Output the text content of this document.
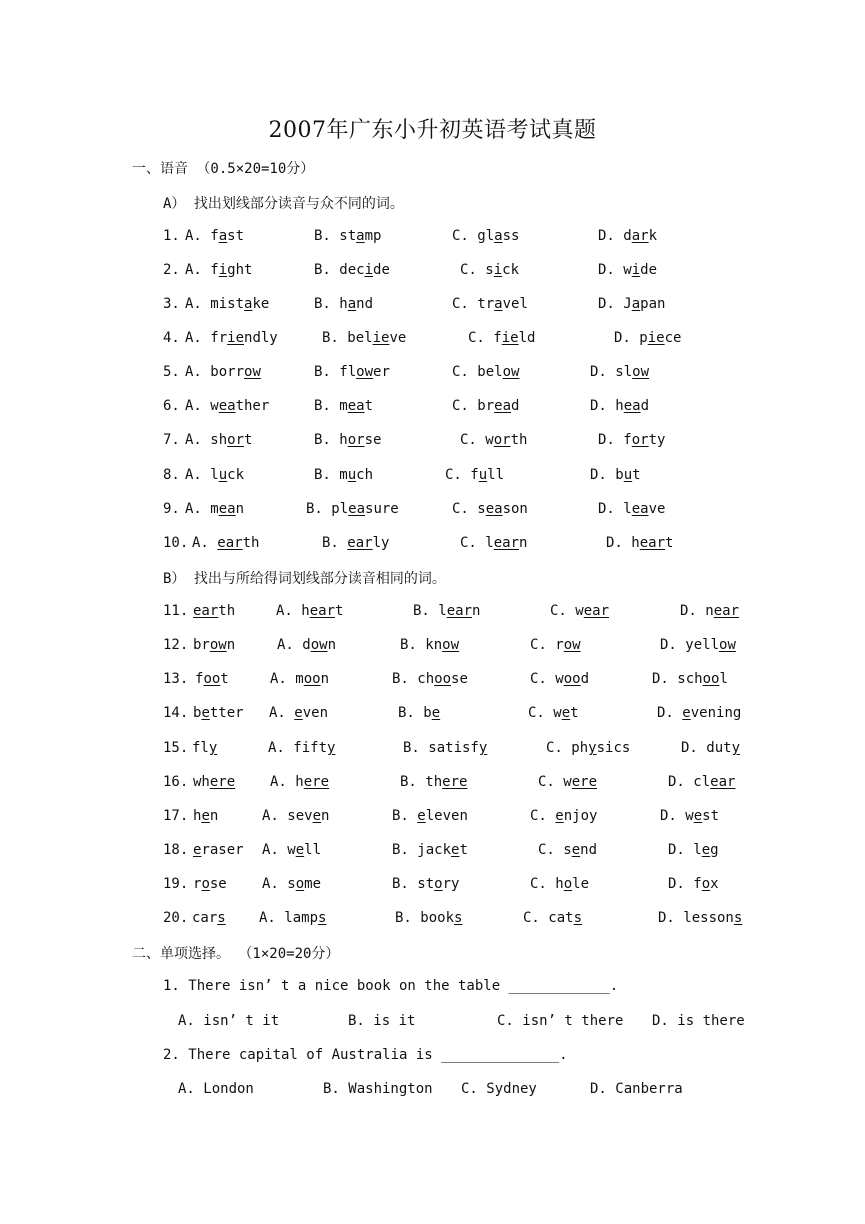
2007年广东小升初英语考试真题
一、语音 （0.5×20=10分）
A） 找出划线部分读音与众不同的词。
1. A. fast	B. stamp	C. glass	D. dark
2. A. fight	B. decide	C. sick	D. wide
3. A. mistake	B. hand	C. travel	D. Japan
4. A. friendly	B. believe	C. field	D. piece
5. A. borrow	B. flower	C. below	D. slow
6. A. weather	B. meat	C. bread	D. head
7. A. short	B. horse	C. worth	D. forty
8. A. luck	B. much	C. full	D. but
9. A. mean	B. pleasure	C. season	D. leave
10. A. earth	B. early	C. learn	D. heart
B） 找出与所给得词划线部分读音相同的词。
11. earth	A. heart	B. learn	C. wear	D. near
12. brown	A. down	B. know	C. row	D. yellow
13. foot	A. moon	B. choose	C. wood	D. school
14. better A. even	B. be	C. wet	D. evening
15. fly	A. fifty	B. satisfy	C. physics	D. duty
16. where A. here	B. there	C. were	D. clear
17. hen	A. seven	B. eleven	C. enjoy	D. west
18. eraser A. well	B. jacket	C. send	D. leg
19. rose	A. some	B. story	C. hole	D. fox
20. cars A. lamps	B. books	C. cats	D. lessons
二、单项选择。 （1×20=20分）
1. There isn’ t a nice book on the table ____________.
A. isn’ t it	B. is it	C. isn’ t there D. is there
2. There capital of Australia is ______________.
A. London	B. Washington C. Sydney	D. Canberra
